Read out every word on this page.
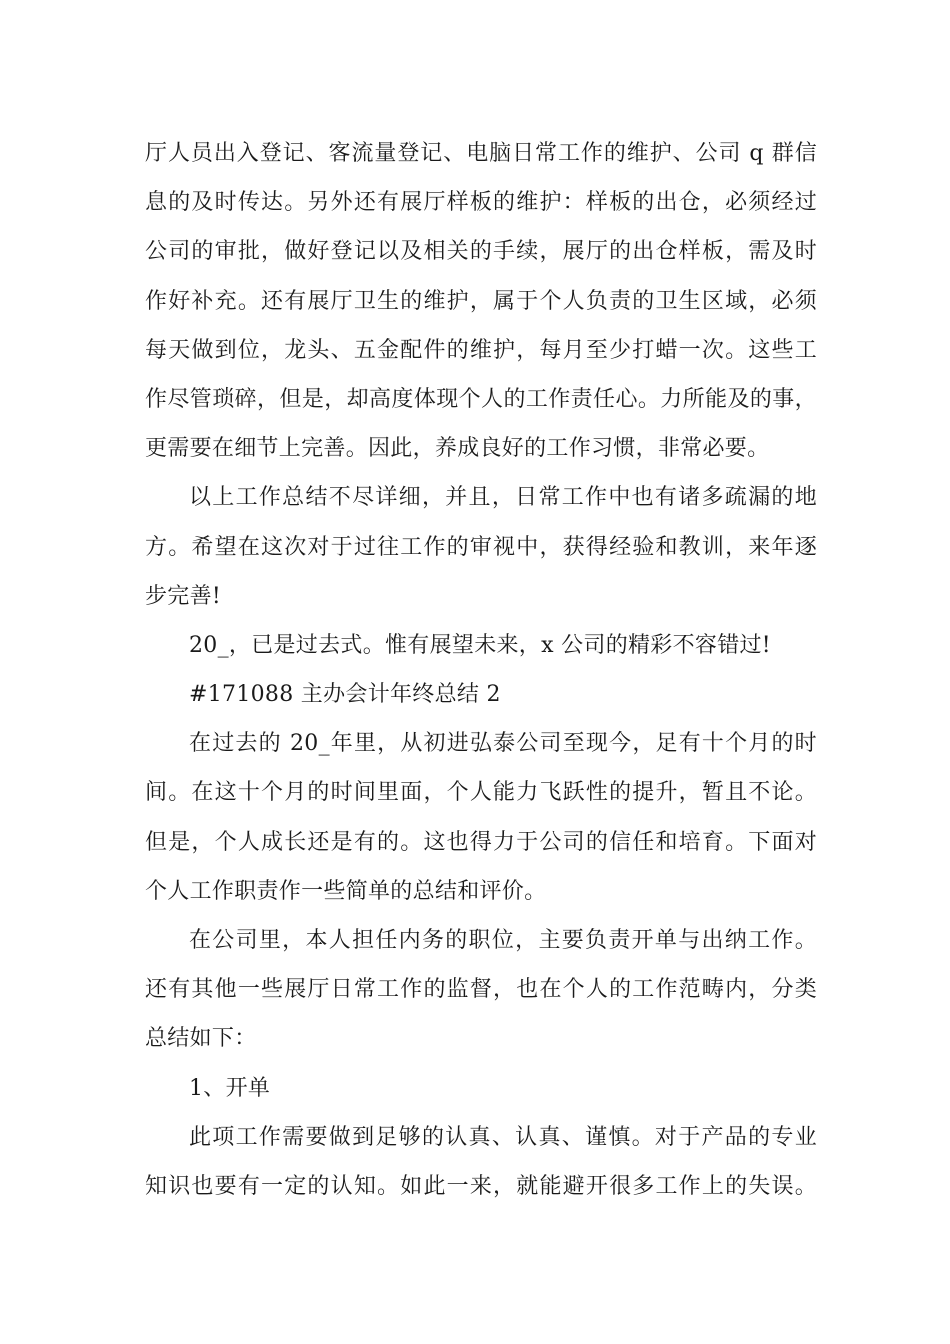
厅人员出入登记、客流量登记、电脑日常工作的维护、公司 q 群信
息的及时传达。另外还有展厅样板的维护：样板的出仓，必须经过
公司的审批，做好登记以及相关的手续，展厅的出仓样板，需及时
作好补充。还有展厅卫生的维护，属于个人负责的卫生区域，必须
每天做到位，龙头、五金配件的维护，每月至少打蜡一次。这些工
作尽管琐碎，但是，却高度体现个人的工作责任心。力所能及的事，
更需要在细节上完善。因此，养成良好的工作习惯，非常必要。
以上工作总结不尽详细，并且，日常工作中也有诸多疏漏的地
方。希望在这次对于过往工作的审视中，获得经验和教训，来年逐
步完善!
20_，已是过去式。惟有展望未来，x 公司的精彩不容错过!
#171088 主办会计年终总结 2
在过去的 20_年里，从初进弘泰公司至现今，足有十个月的时
间。在这十个月的时间里面，个人能力飞跃性的提升，暂且不论。
但是，个人成长还是有的。这也得力于公司的信任和培育。下面对
个人工作职责作一些简单的总结和评价。
在公司里，本人担任内务的职位，主要负责开单与出纳工作。
还有其他一些展厅日常工作的监督，也在个人的工作范畴内，分类
总结如下：
1、开单
此项工作需要做到足够的认真、认真、谨慎。对于产品的专业
知识也要有一定的认知。如此一来，就能避开很多工作上的失误。
